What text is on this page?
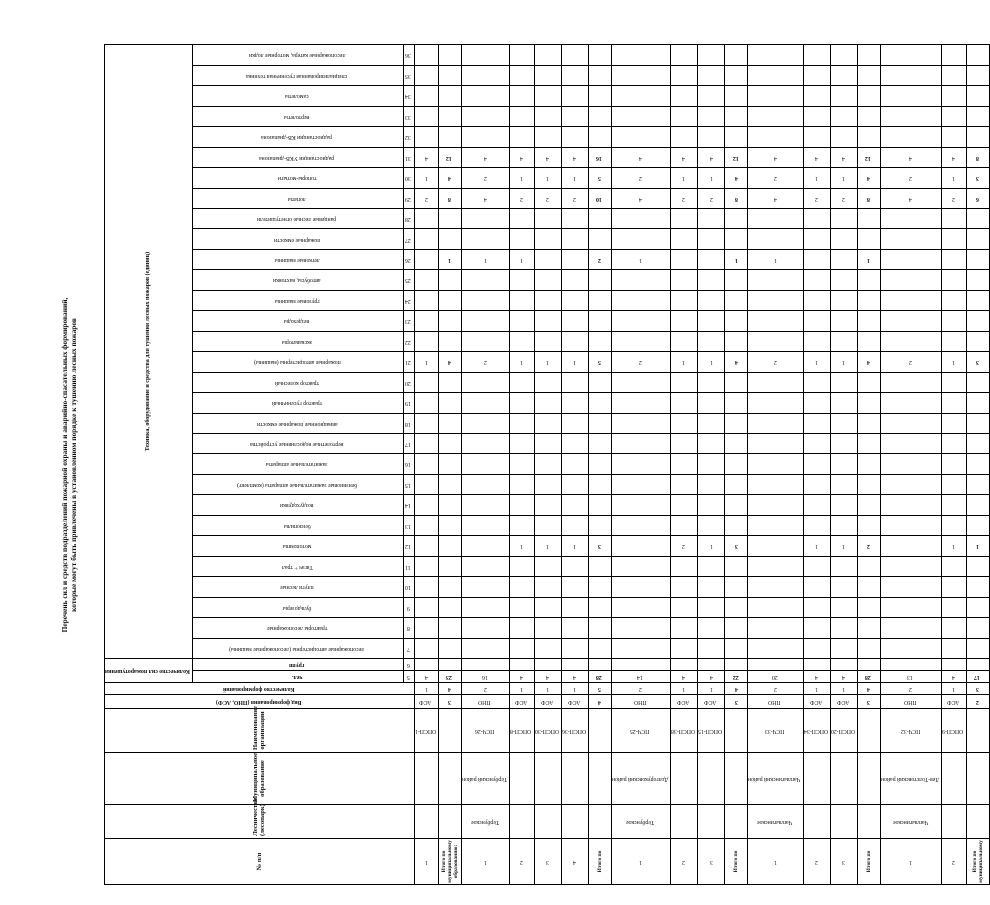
Перечень сил и средств подразделений пожарной охраны и аварийно-спасательных формирований, которые могут быть привлечены в установленном порядке к тушению лесных пожаров
№ п/п	Лесничество (лесопарк)	Муниципальное образование	Наименование организации	Вид формирования (ПНО, АСФ)	Количество формирований	Количество сил пожаротушения		Техника, оборудование и средства для тушения лесных пожаров (единиц)																														
						чел.	групп	лесопожарные автоцистерны (лесопожарные машины)	тракторы лесопожарные	бульдозеры	плуги лесные	Тягач + трал	мотопомпы	бензопилы	воздуходувки	бензиновые зажигательные аппараты (комплект)	зажигательные аппараты	вертолетные водосливные устройства	авиационные пожарные емкости	трактор гусеничный	трактор колесный	пожарные автоцистерны (машины)	экскаваторы	вездеходы	грузовые машины	автобусы, вахтовки	легковые машины	пожарные емкости	ранцевые лесные огнетушители	лопаты	топоры-мотыги	радиостанции УКВ-диапазона	радиостанции КВ-диапазона	вертолеты	самолеты	специализированная гусеничная техника	лесопожарные катера, моторные лодки	
						5	6	7	8	9	10	11	12	13	14	15	16	17	18	19	20	21	22	23	24	25	26	27	28	29	30	31	32	33	34	35	36		
1			ОПСП-1	АСФ	1	4																1								2	1	4						
Итого по муниципальному образованию:				3	4	23																4					1			8	4	12						
1	Тербунское	Тербунский район	ПСЧ-26	ПНО	2	16																2					1			4	2	4						
2			ОПСП-8	АСФ	1	4							1									1					1			2	1	4						
3			ОПСП-30	АСФ	1	4							1									1								2	1	4						
4			ОПСП-36	АСФ	1	4							1									1								2	1	4						
Итого по				4	5	28							3									5					2			10	5	16						
1	Тербунское	Долгоруковский район	ПСЧ-25	ПНО	2	14																2					1			4	2	4						
2			ОПСП-38	АСФ	1	4							2									1								2	1	4						
3			ОПСП-15	АСФ	1	4							1									1								2	1	4						
Итого по				3	4	22							3									4					1			8	4	12						
1	Чаплыгинское	Чаплыгинский район	ПСЧ-33	ПНО	2	20																2					1			4	2	4						
2			ОПСП-34	АСФ	1	4							1									1								2	1	4						
3			ОПСП-20	АСФ	1	4							1									1								2	1	4						
Итого по				3	4	28							2									4					1			8	4	12						
1	Чаплыгинское	Лев-Толстовский район	ПСЧ-32	ПНО	2	13																2								4	2	4						
2			ОПСП-9	АСФ	1	4							1									1								2	1	4						
Итого по муниципальному				2	3	17							1									3								6	3	8						
